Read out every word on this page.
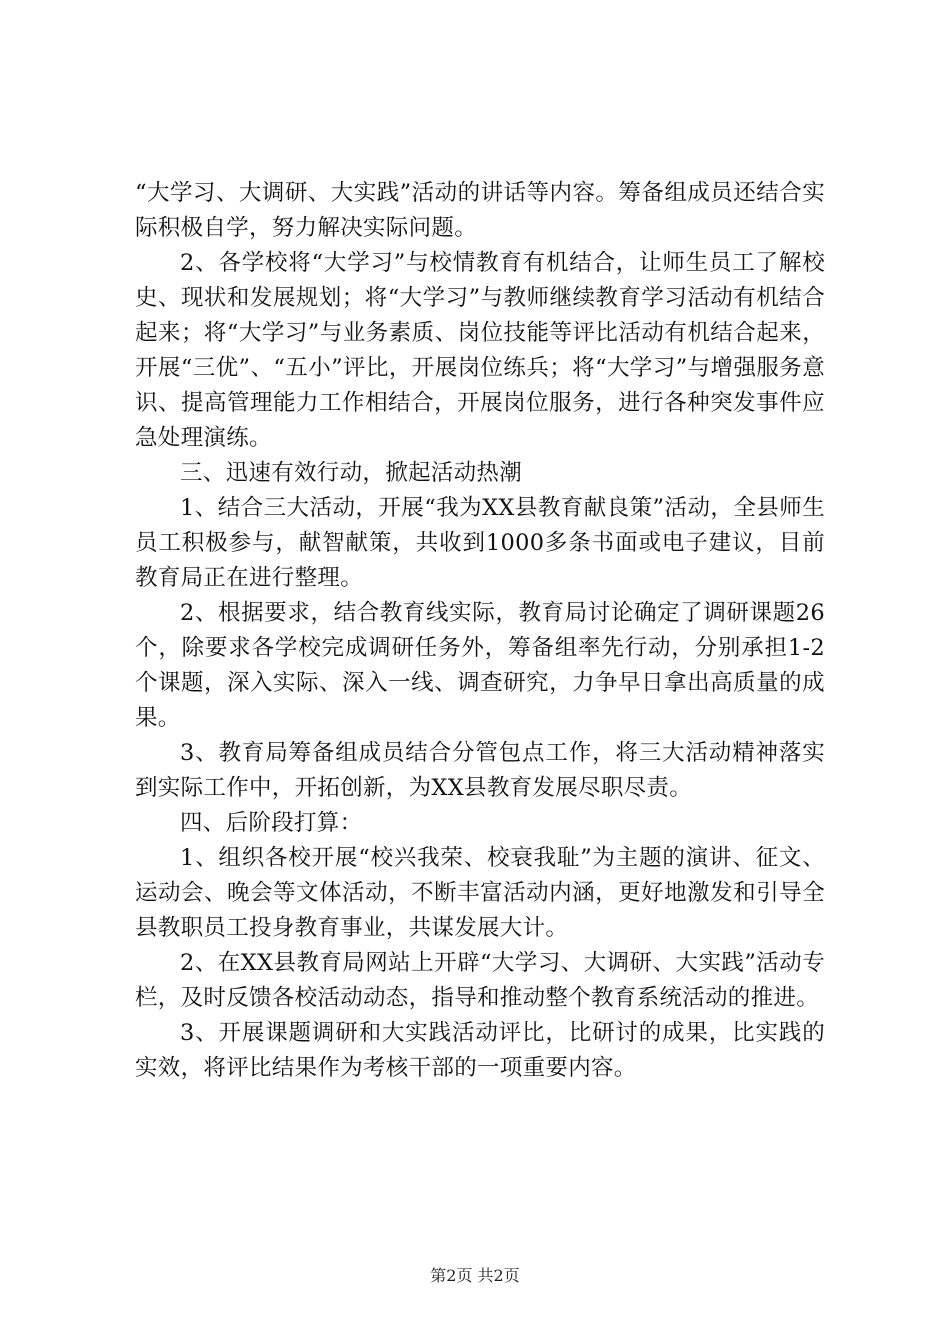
“大学习、大调研、大实践”活动的讲话等内容。筹备组成员还结合实际积极自学，努力解决实际问题。

2、各学校将“大学习”与校情教育有机结合，让师生员工了解校史、现状和发展规划；将“大学习”与教师继续教育学习活动有机结合起来；将“大学习”与业务素质、岗位技能等评比活动有机结合起来，开展“三优”、“五小”评比，开展岗位练兵；将“大学习”与增强服务意识、提高管理能力工作相结合，开展岗位服务，进行各种突发事件应急处理演练。

三、迅速有效行动，掀起活动热潮

1、结合三大活动，开展“我为XX县教育献良策”活动，全县师生员工积极参与，献智献策，共收到1000多条书面或电子建议，目前教育局正在进行整理。

2、根据要求，结合教育线实际，教育局讨论确定了调研课题26个，除要求各学校完成调研任务外，筹备组率先行动，分别承担1-2个课题，深入实际、深入一线、调查研究，力争早日拿出高质量的成果。

3、教育局筹备组成员结合分管包点工作，将三大活动精神落实到实际工作中，开拓创新，为XX县教育发展尽职尽责。

四、后阶段打算：

1、组织各校开展“校兴我荣、校衰我耻”为主题的演讲、征文、运动会、晚会等文体活动，不断丰富活动内涵，更好地激发和引导全县教职员工投身教育事业，共谋发展大计。

2、在XX县教育局网站上开辟“大学习、大调研、大实践”活动专栏，及时反馈各校活动动态，指导和推动整个教育系统活动的推进。

3、开展课题调研和大实践活动评比，比研讨的成果，比实践的实效，将评比结果作为考核干部的一项重要内容。

第2页 共2页
